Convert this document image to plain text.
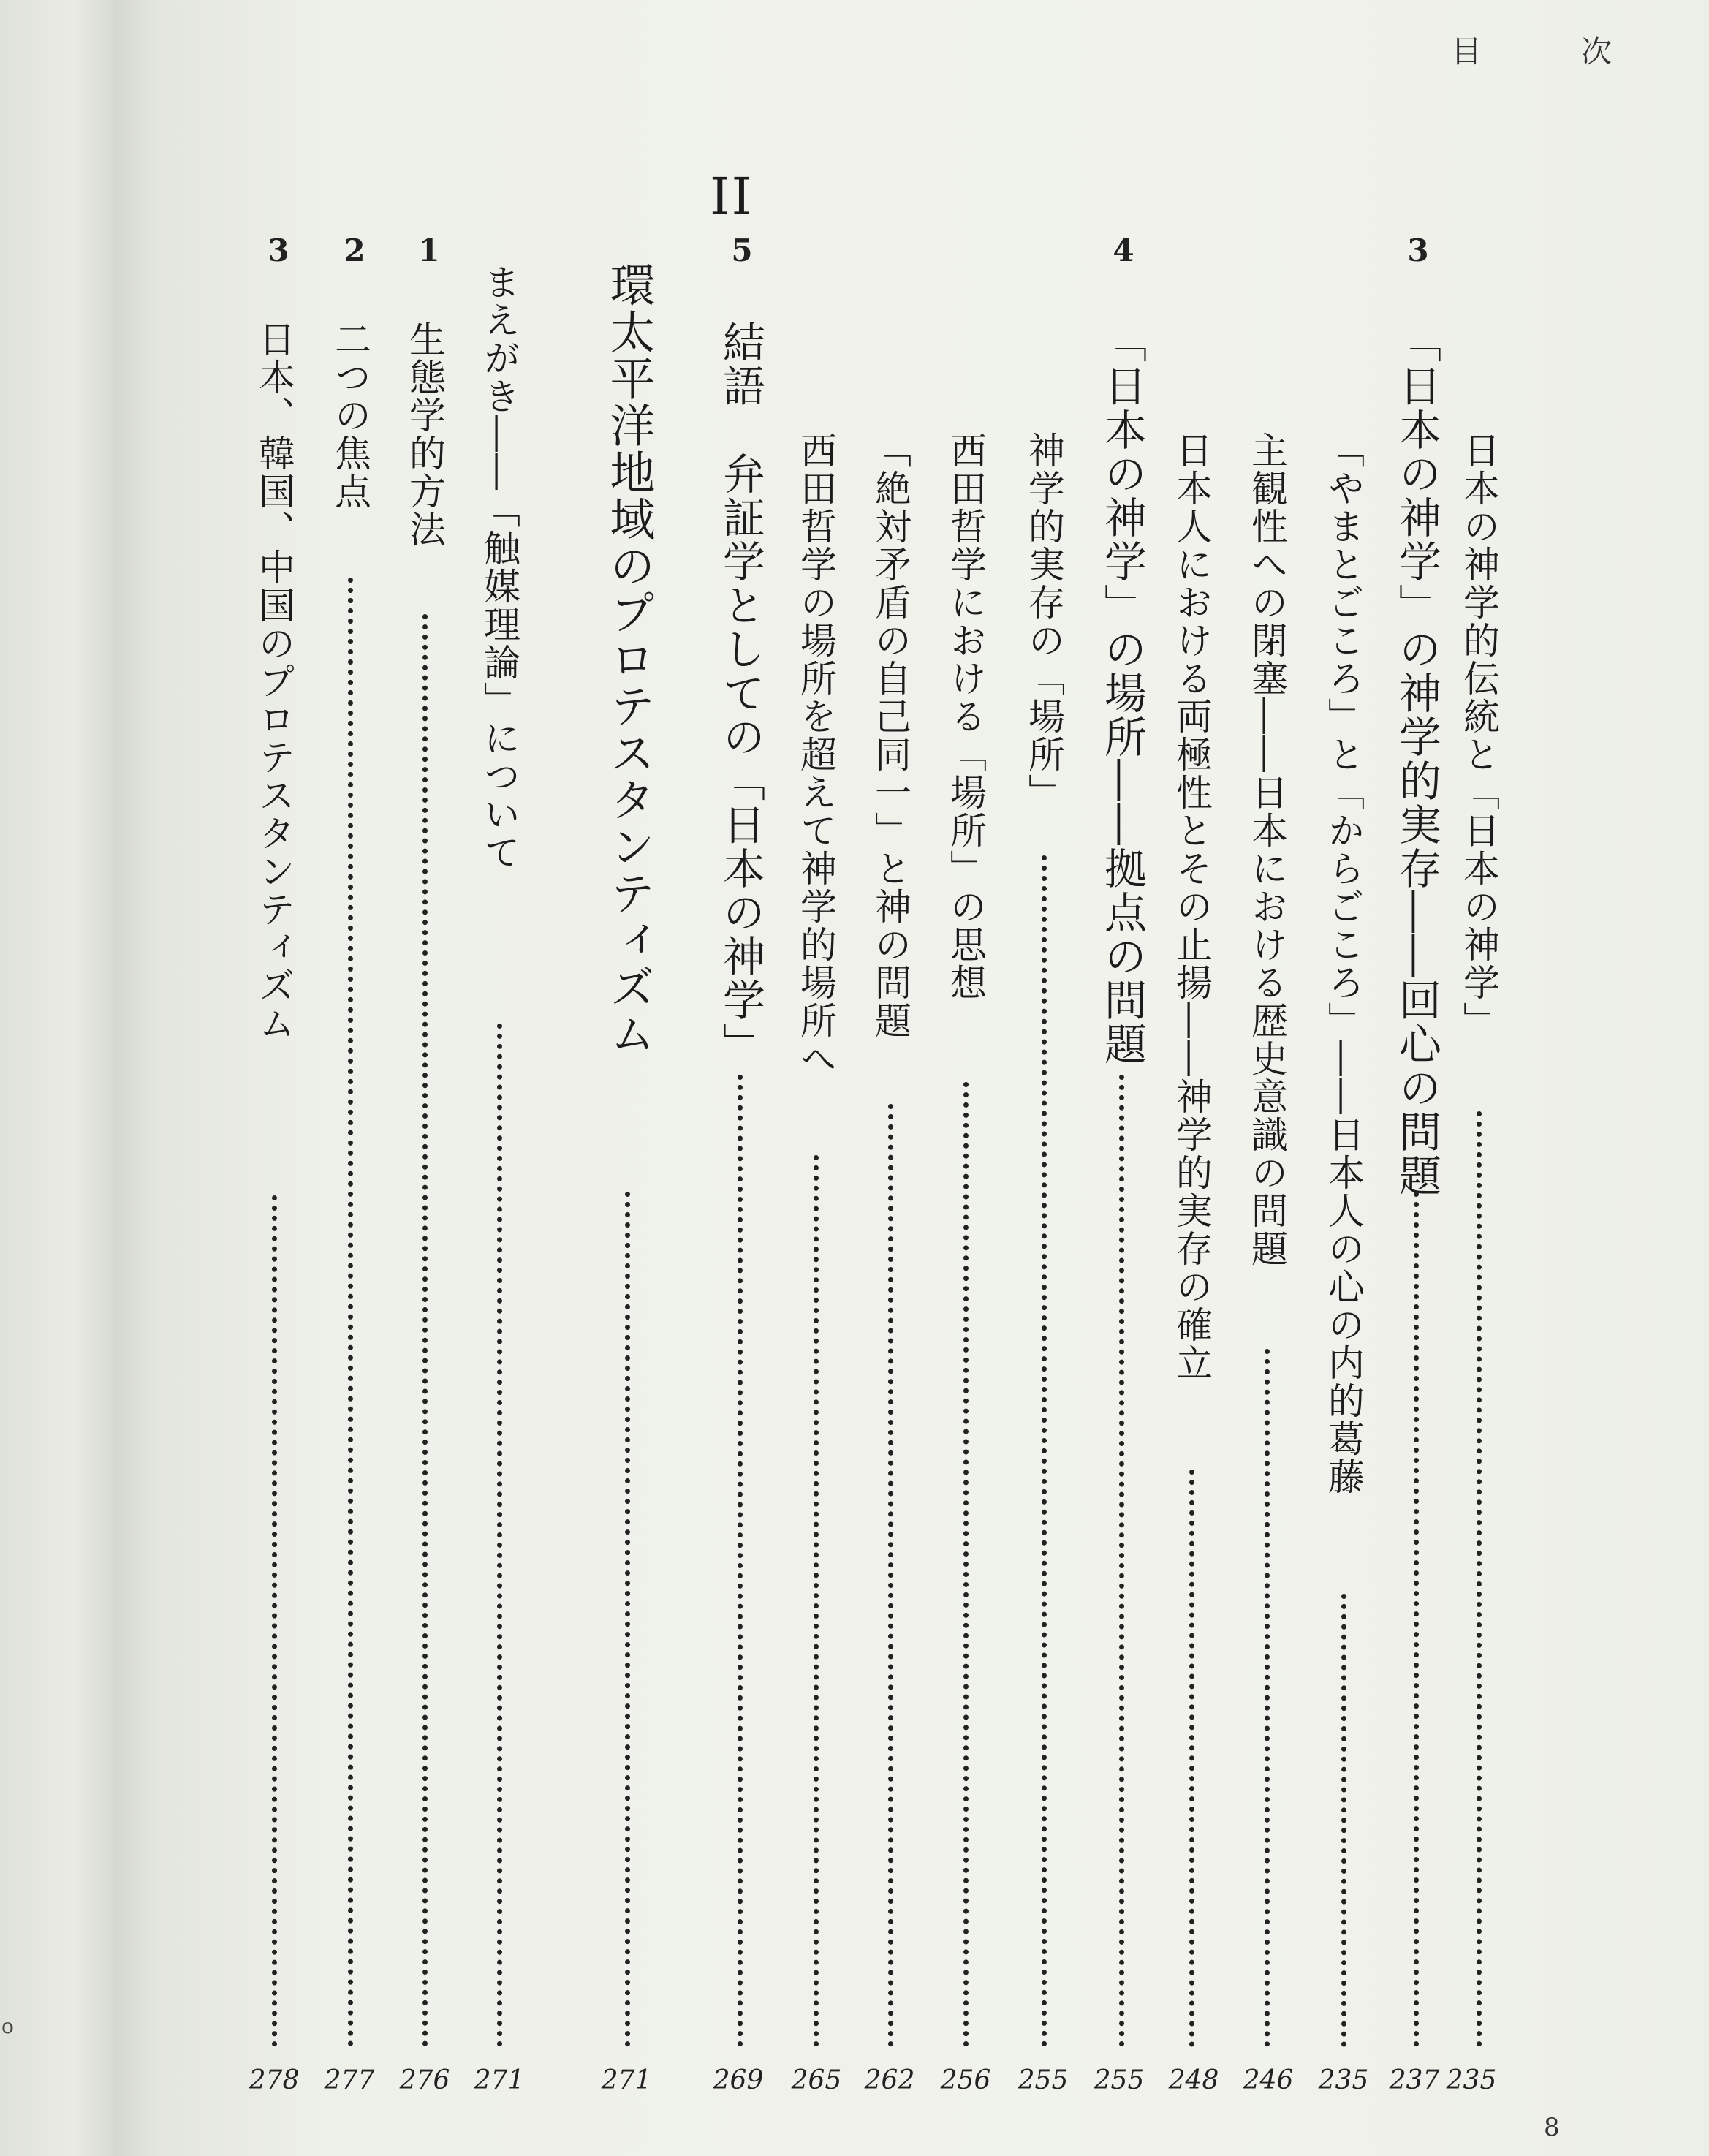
o
目	次
II
日本の神学的伝統と「日本の神学」
235
3
「日本の神学」の神学的実存――回心の問題
237
「やまとごころ」と「からごころ」――日本人の心の内的葛藤
235
主観性への閉塞――日本における歴史意識の問題
246
日本人における両極性とその止揚――神学的実存の確立
248
4
「日本の神学」の場所――拠点の問題
255
神学的実存の「場所」
255
西田哲学における「場所」の思想
256
「絶対矛盾の自己同一」と神の問題
262
西田哲学の場所を超えて神学的場所へ
265
5
結語　弁証学としての「日本の神学」
269
環太平洋地域のプロテスタンティズム
271
まえがき――「触媒理論」について
271
1
生態学的方法
276
2
二つの焦点
277
3
日本、韓国、中国のプロテスタンティズム
278
8
